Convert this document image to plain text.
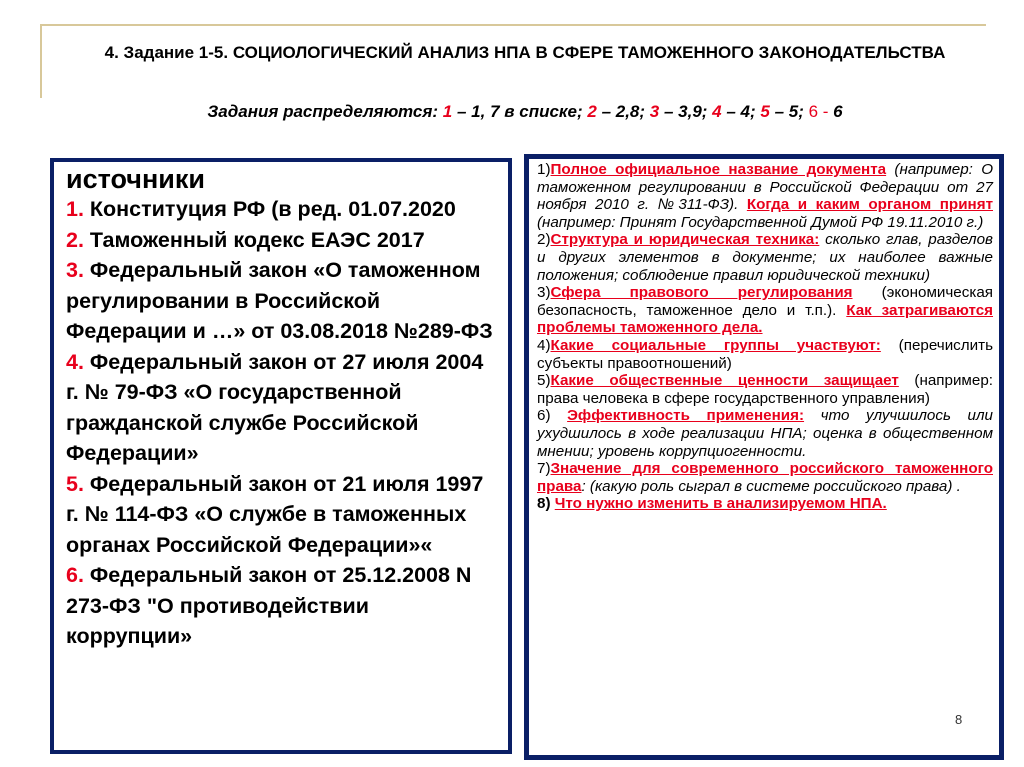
4. Задание 1-5. СОЦИОЛОГИЧЕСКИЙ АНАЛИЗ НПА В СФЕРЕ ТАМОЖЕННОГО ЗАКОНОДАТЕЛЬСТВА
Задания распределяются: 1 – 1, 7 в списке; 2 – 2,8; 3 – 3,9; 4 – 4; 5 – 5; 6 - 6
источники
1. Конституция РФ (в ред. 01.07.2020
2. Таможенный кодекс ЕАЭС 2017
3. Федеральный закон «О таможенном регулировании в Российской Федерации и …» от 03.08.2018 №289-ФЗ
4. Федеральный закон от 27 июля 2004 г. № 79-ФЗ «О государственной гражданской службе Российской Федерации»
5. Федеральный закон от 21 июля 1997 г. № 114-ФЗ «О службе в таможенных органах Российской Федерации»«
6. Федеральный закон от 25.12.2008 N 273-ФЗ "О противодействии коррупции»

1)Полное официальное название документа (например: О таможенном регулировании в Российской Федерации от 27 ноября 2010 г. №311-ФЗ). Когда и каким органом принят (например: Принят Государственной Думой РФ 19.11.2010 г.)

2)Структура и юридическая техника: сколько глав, разделов и других элементов в документе; их наиболее важные положения; соблюдение правил юридической техники)

3)Сфера правового регулирования (экономическая безопасность, таможенное дело и т.п.). Как затрагиваются проблемы таможенного дела.

4)Какие социальные группы участвуют: (перечислить субъекты правоотношений)

5)Какие общественные ценности защищает (например: права человека в сфере государственного управления)

6) Эффективность применения: что улучшилось или ухудшилось в ходе реализации НПА; оценка в общественном мнении; уровень коррупциогенности.

7)Значение для современного российского таможенного права: (какую роль сыграл в системе российского права) .

8) Что нужно изменить в анализируемом НПА.

8
